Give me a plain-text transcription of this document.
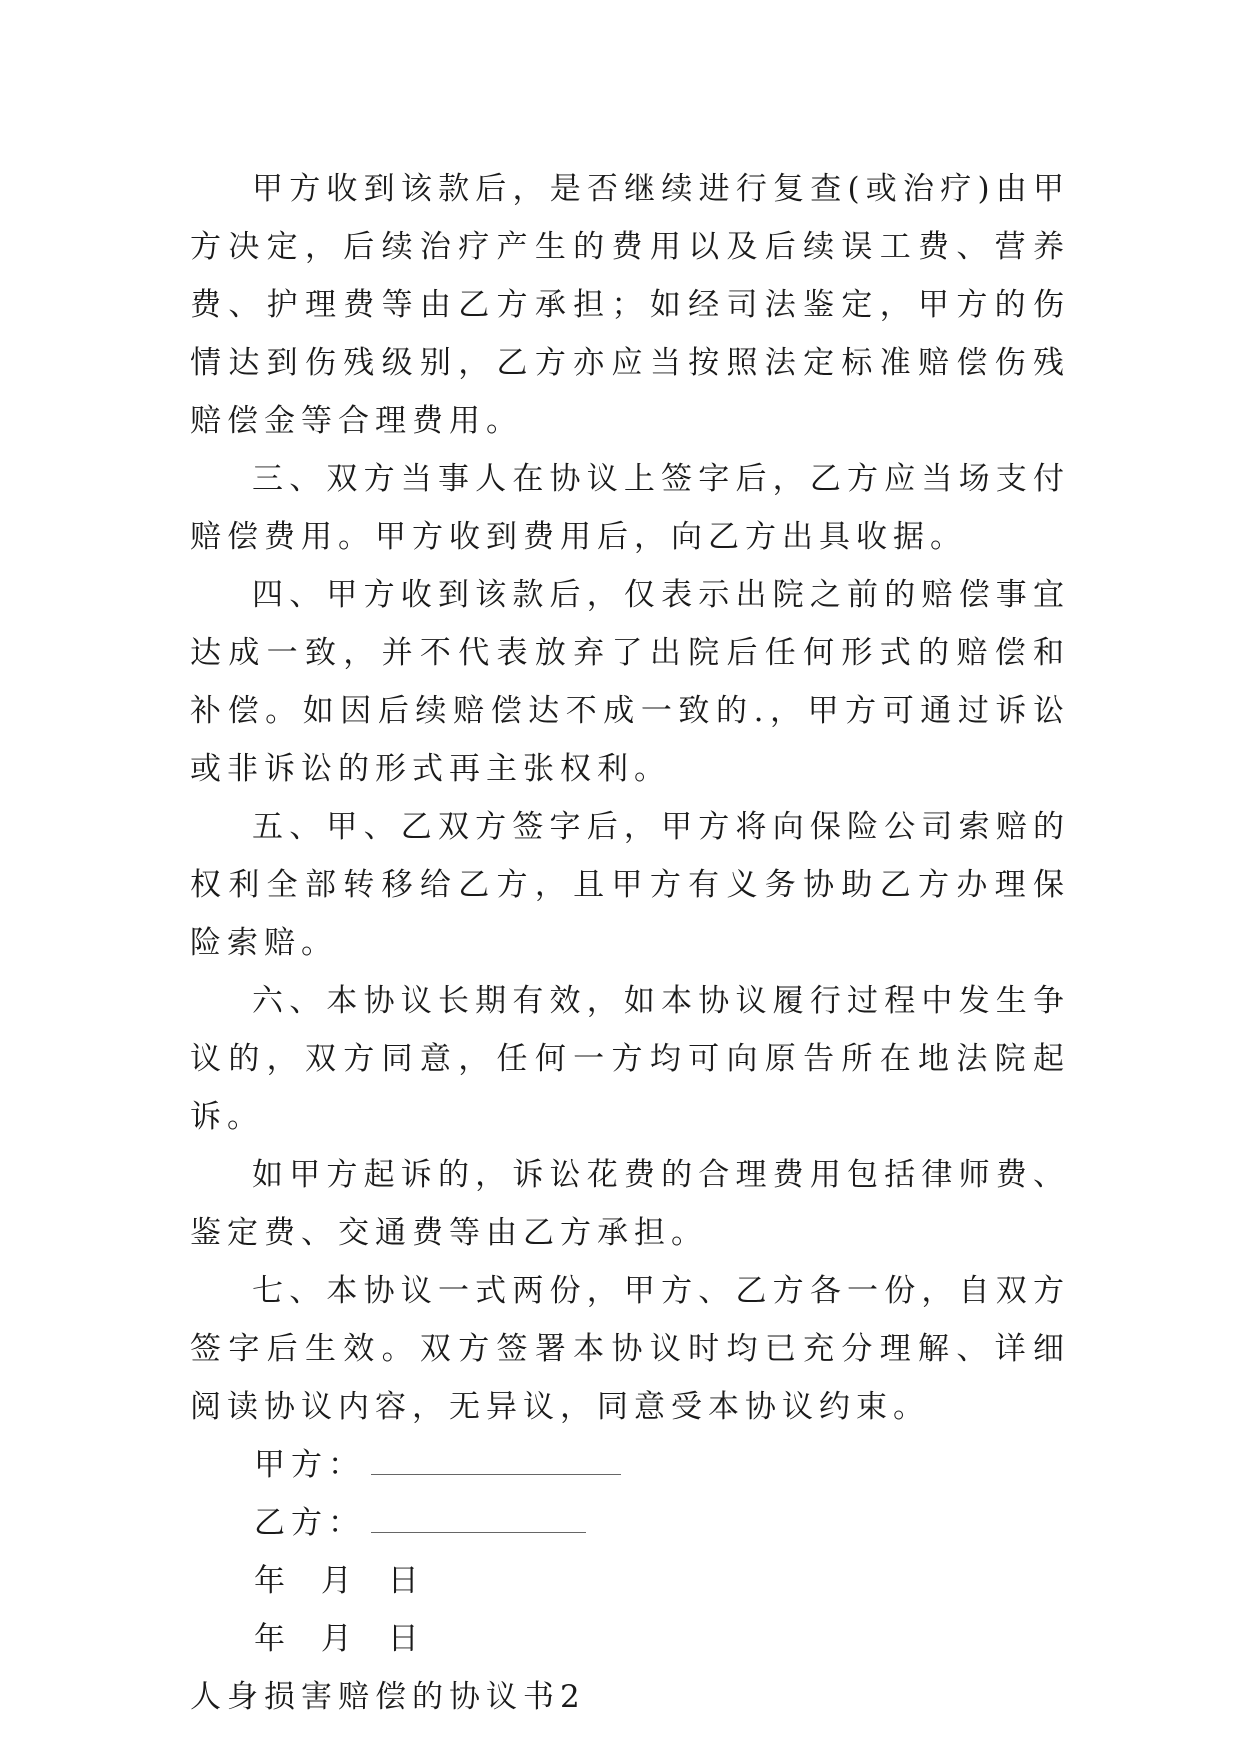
甲方收到该款后，是否继续进行复查(或治疗)由甲方决定，后续治疗产生的费用以及后续误工费、营养费、护理费等由乙方承担；如经司法鉴定，甲方的伤情达到伤残级别，乙方亦应当按照法定标准赔偿伤残赔偿金等合理费用。

三、双方当事人在协议上签字后，乙方应当场支付赔偿费用。甲方收到费用后，向乙方出具收据。

四、甲方收到该款后，仅表示出院之前的赔偿事宜达成一致，并不代表放弃了出院后任何形式的赔偿和补偿。如因后续赔偿达不成一致的.，甲方可通过诉讼或非诉讼的形式再主张权利。

五、甲、乙双方签字后，甲方将向保险公司索赔的权利全部转移给乙方，且甲方有义务协助乙方办理保险索赔。

六、本协议长期有效，如本协议履行过程中发生争议的，双方同意，任何一方均可向原告所在地法院起诉。

如甲方起诉的，诉讼花费的合理费用包括律师费、鉴定费、交通费等由乙方承担。

七、本协议一式两份，甲方、乙方各一份，自双方签字后生效。双方签署本协议时均已充分理解、详细阅读协议内容，无异议，同意受本协议约束。

甲方：

乙方：

年 月 日

年 月 日

人身损害赔偿的协议书2
